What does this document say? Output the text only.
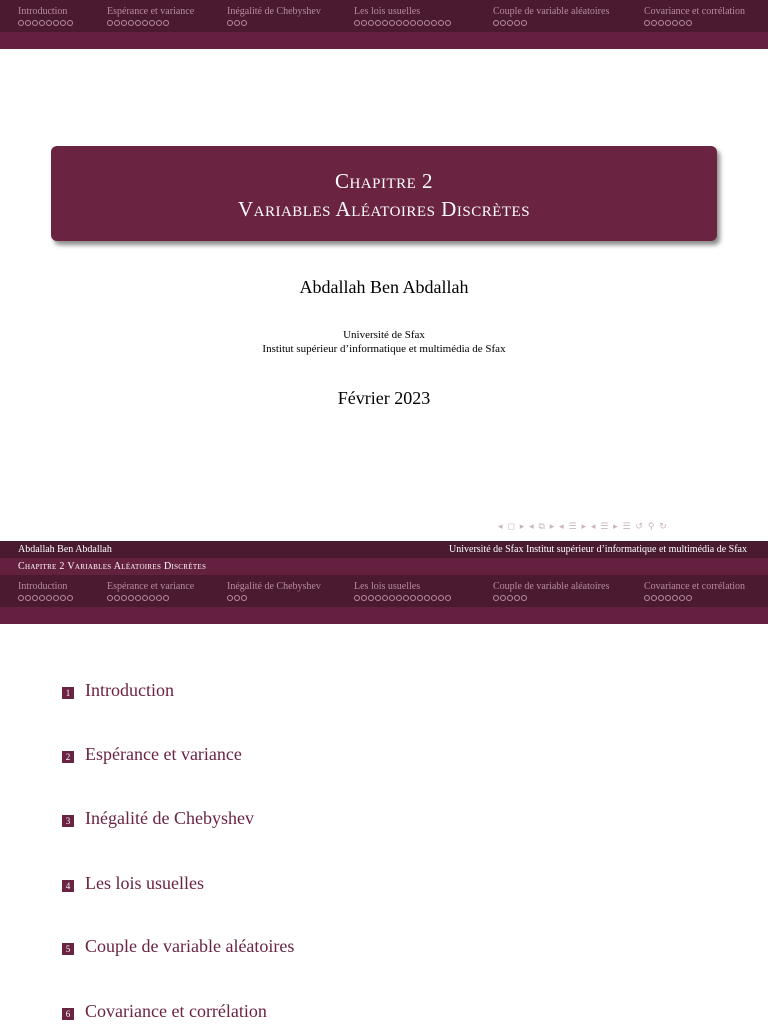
Introduction	Espérance et variance	Inégalité de Chebyshev	Les lois usuelles	Couple de variable aléatoires	Covariance et corrélation
Chapitre 2
Variables Aléatoires Discrètes
Abdallah Ben Abdallah
Université de Sfax
Institut supérieur d’informatique et multimédia de Sfax
Février 2023
◂ ◻ ▸ ◂ ⧉ ▸ ◂ ☰ ▸ ◂ ☰ ▸ ☰ ↺ ⚲ ↻
Abdallah Ben Abdallah	Université de Sfax Institut supérieur d’informatique et multimédia de Sfax
Chapitre 2 Variables Aléatoires Discrètes
Introduction	Espérance et variance	Inégalité de Chebyshev	Les lois usuelles	Couple de variable aléatoires	Covariance et corrélation
1 Introduction
2 Espérance et variance
3 Inégalité de Chebyshev
4 Les lois usuelles
5 Couple de variable aléatoires
6 Covariance et corrélation
